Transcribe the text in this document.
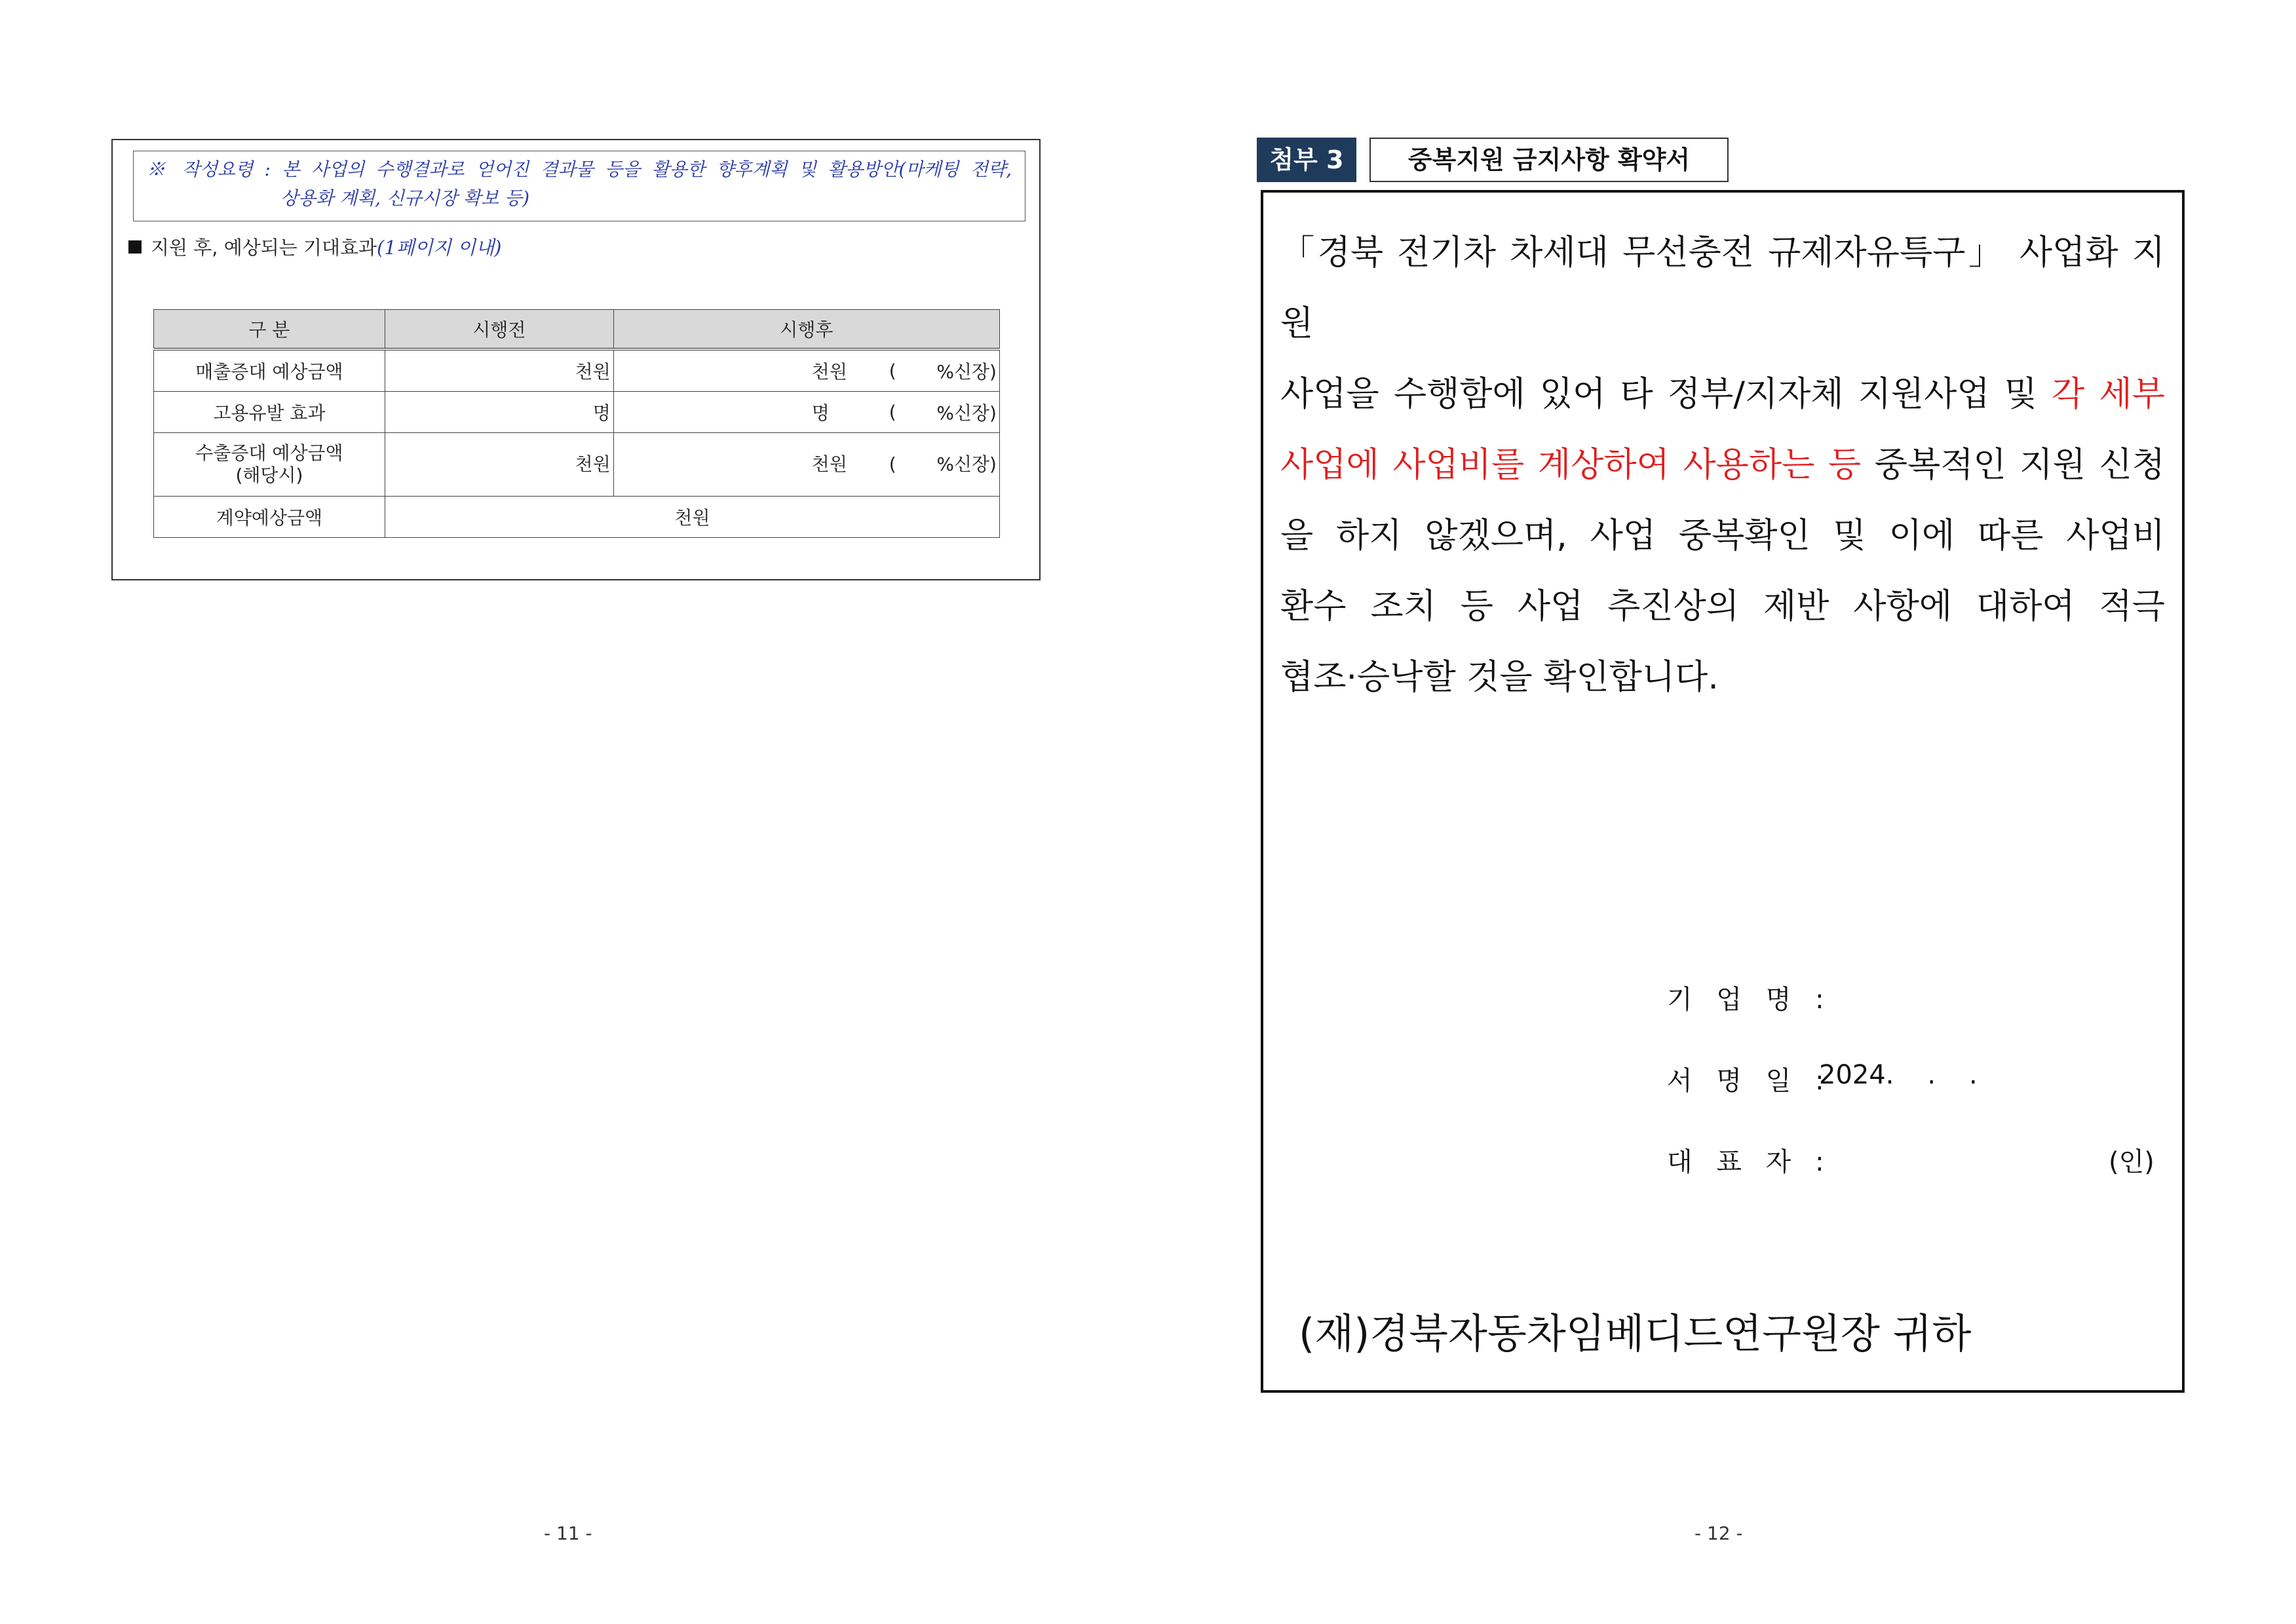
※ 작성요령 : 본 사업의 수행결과로 얻어진 결과물 등을 활용한 향후계획 및 활용방안(마케팅 전략,
상용화 계획, 신규시장 확보 등)
지원 후, 예상되는 기대효과(1페이지 이내)
구 분	시행전	시행후
매출증대 예상금액	천원	천원 ( %신장)

고용유발 효과	명	명 ( %신장)

수출증대 예상금액
(해당시)	천원	천원 ( %신장)

계약예상금액	천원	
- 11 -
첨부 3	중복지원 금지사항 확약서
「경북 전기차 차세대 무선충전 규제자유특구」 사업화 지원
사업을 수행함에 있어 타 정부/지자체 지원사업 및 각 세부
사업에 사업비를 계상하여 사용하는 등 중복적인 지원 신청
을 하지 않겠으며, 사업 중복확인 및 이에 따른 사업비
환수 조치 등 사업 추진상의 제반 사항에 대하여 적극
협조·승낙할 것을 확인합니다.
기 업 명 :
서 명 일 :
2024.    .    .
대 표 자 :	(인)
(재)경북자동차임베디드연구원장 귀하
- 12 -
